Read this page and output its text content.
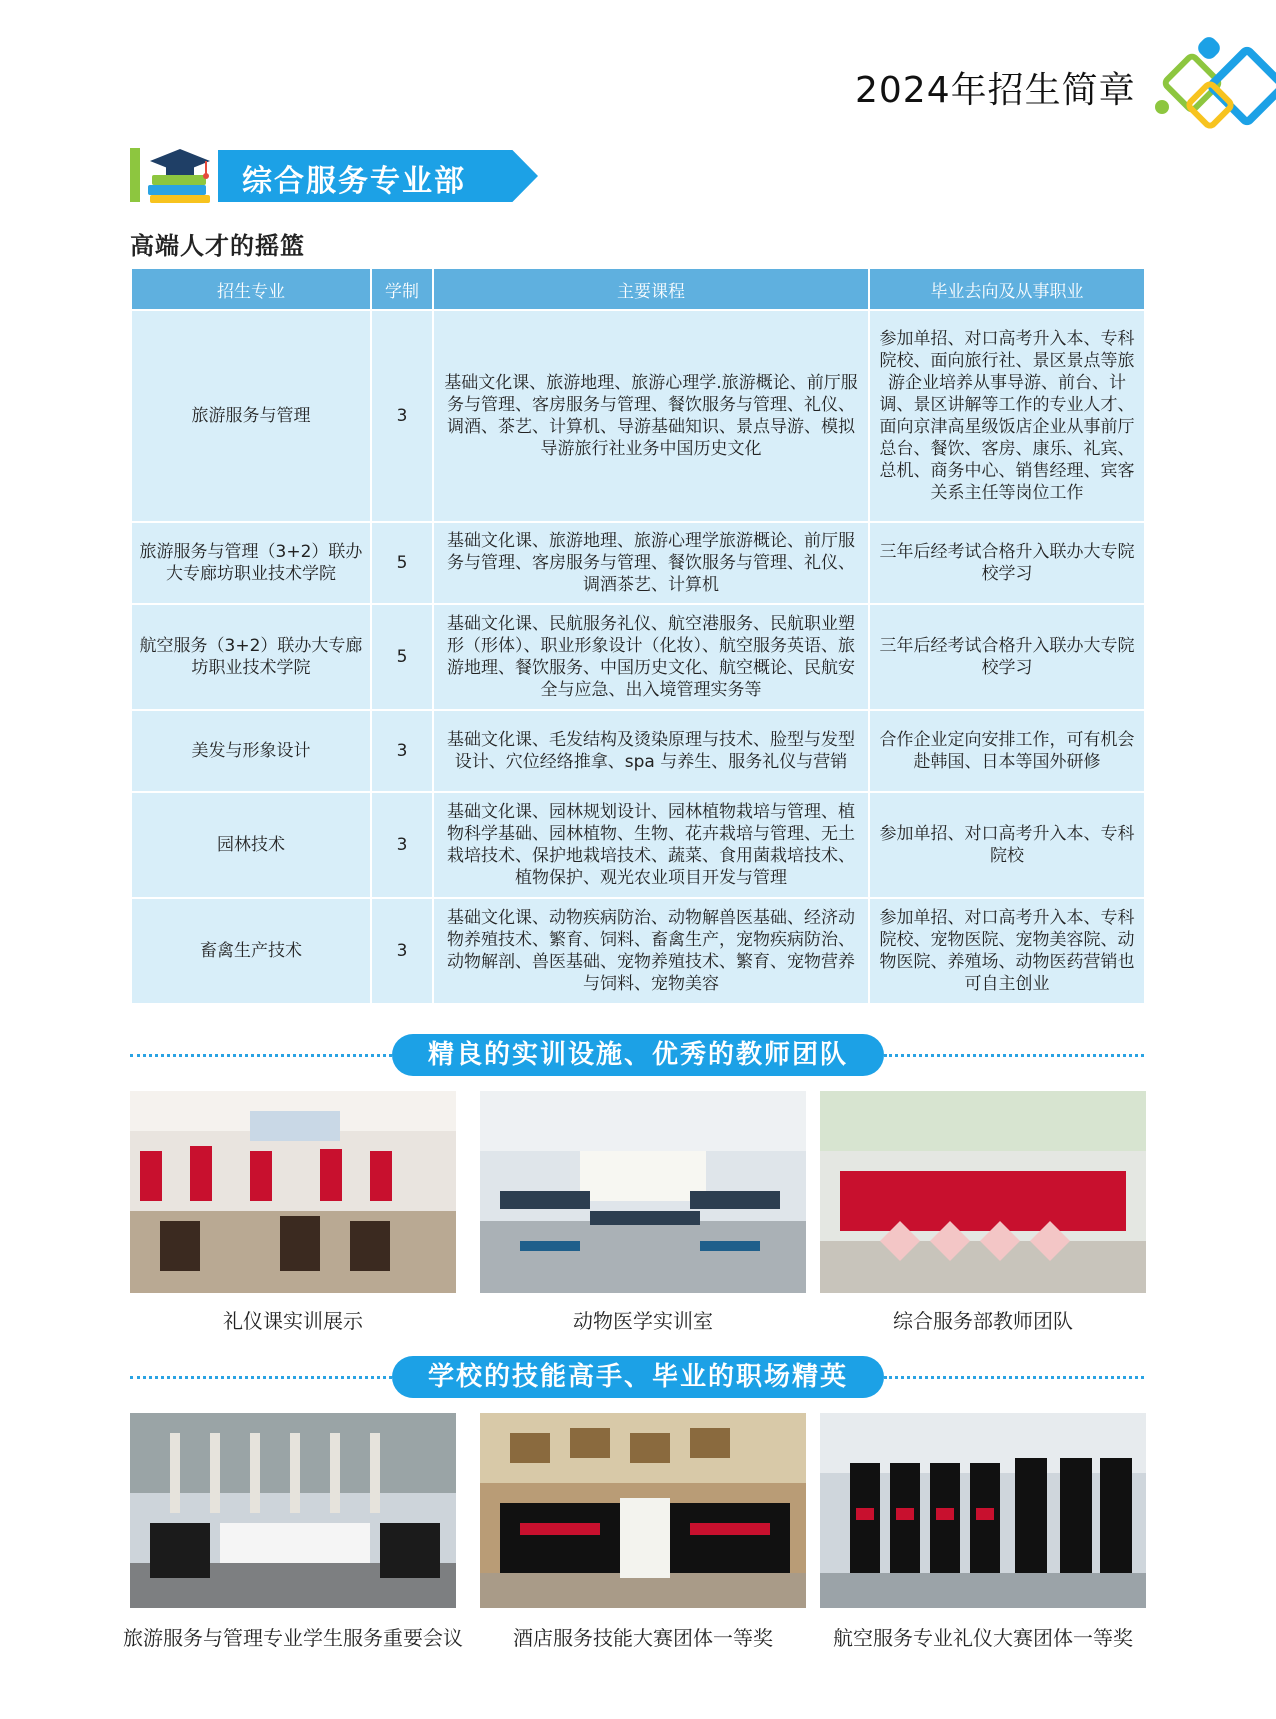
2024年招生简章
综合服务专业部
高端人才的摇篮
招生专业	学制	主要课程	毕业去向及从事职业
旅游服务与管理	3	基础文化课、旅游地理、旅游心理学.旅游概论、前厅服务与管理、客房服务与管理、餐饮服务与管理、礼仪、调酒、茶艺、计算机、导游基础知识、景点导游、模拟导游旅行社业务中国历史文化	参加单招、对口高考升入本、专科院校、面向旅行社、景区景点等旅游企业培养从事导游、前台、计调、景区讲解等工作的专业人才、面向京津高星级饭店企业从事前厅总台、餐饮、客房、康乐、礼宾、总机、商务中心、销售经理、宾客关系主任等岗位工作
旅游服务与管理（3+2）联办大专廊坊职业技术学院	5	基础文化课、旅游地理、旅游心理学旅游概论、前厅服务与管理、客房服务与管理、餐饮服务与管理、礼仪、调酒茶艺、计算机	三年后经考试合格升入联办大专院校学习
航空服务（3+2）联办大专廊坊职业技术学院	5	基础文化课、民航服务礼仪、航空港服务、民航职业塑形（形体）、职业形象设计（化妆）、航空服务英语、旅游地理、餐饮服务、中国历史文化、航空概论、民航安全与应急、出入境管理实务等	三年后经考试合格升入联办大专院校学习
美发与形象设计	3	基础文化课、毛发结构及烫染原理与技术、脸型与发型设计、穴位经络推拿、spa 与养生、服务礼仪与营销	合作企业定向安排工作，可有机会赴韩国、日本等国外研修
园林技术	3	基础文化课、园林规划设计、园林植物栽培与管理、植物科学基础、园林植物、生物、花卉栽培与管理、无土栽培技术、保护地栽培技术、蔬菜、食用菌栽培技术、植物保护、观光农业项目开发与管理	参加单招、对口高考升入本、专科院校
畜禽生产技术	3	基础文化课、动物疾病防治、动物解兽医基础、经济动物养殖技术、繁育、饲料、畜禽生产，宠物疾病防治、动物解剖、兽医基础、宠物养殖技术、繁育、宠物营养与饲料、宠物美容	参加单招、对口高考升入本、专科院校、宠物医院、宠物美容院、动物医院、养殖场、动物医药营销也可自主创业
精良的实训设施、优秀的教师团队
礼仪课实训展示	动物医学实训室	综合服务部教师团队
学校的技能高手、毕业的职场精英
旅游服务与管理专业学生服务重要会议	酒店服务技能大赛团体一等奖	航空服务专业礼仪大赛团体一等奖
